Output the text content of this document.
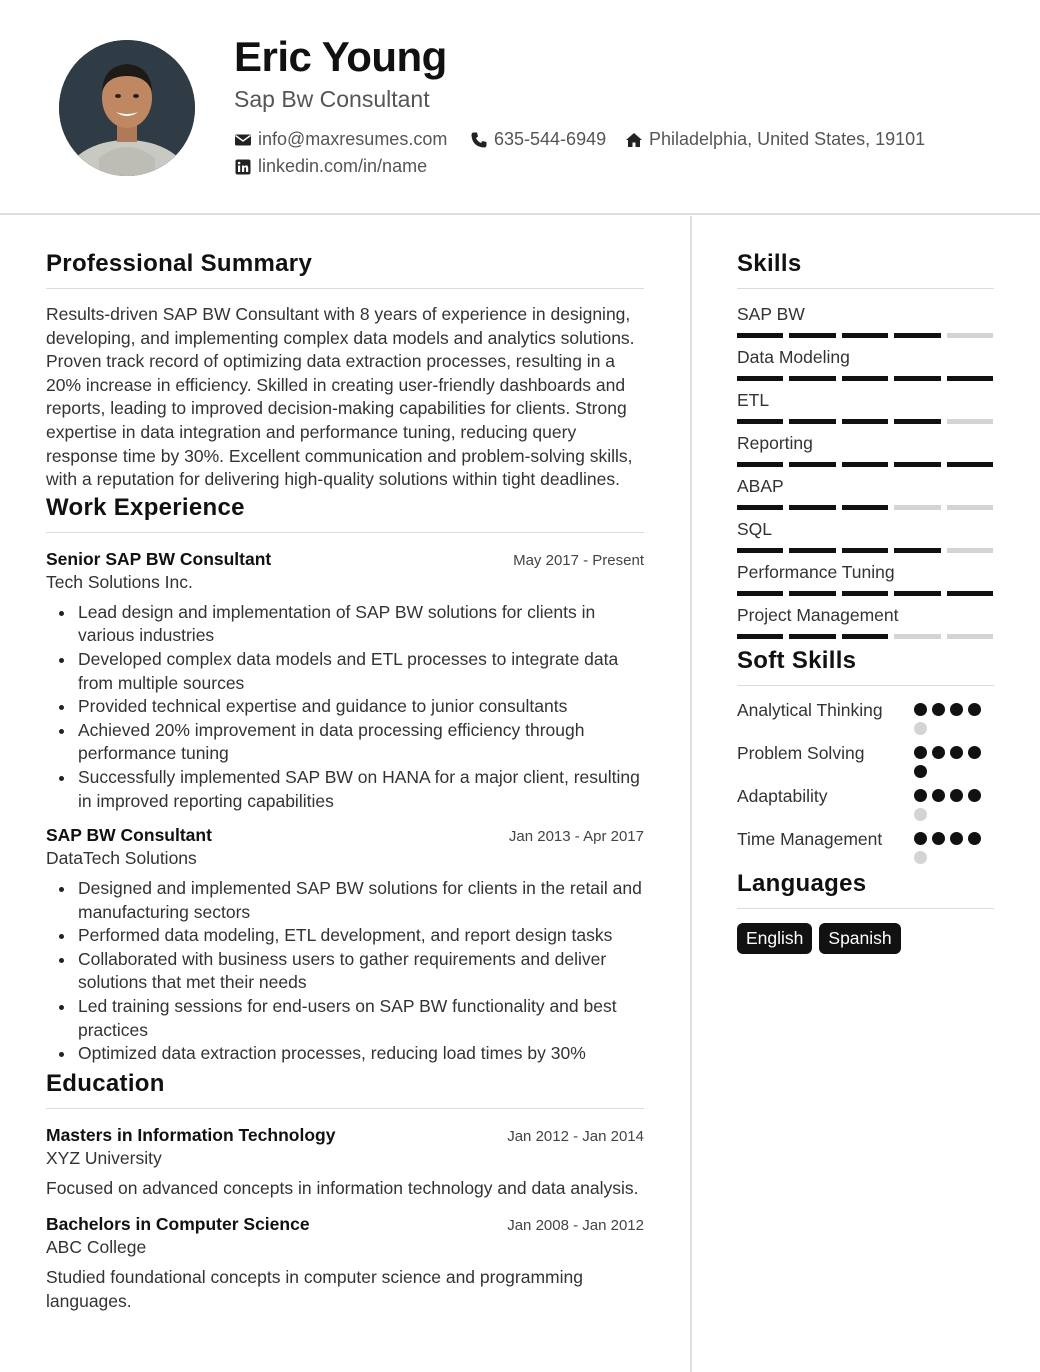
Eric Young
Sap Bw Consultant
info@maxresumes.com	635-544-6949 Philadelphia, United States, 19101
linkedin.com/in/name
Professional Summary

Results-driven SAP BW Consultant with 8 years of experience in designing, developing, and implementing complex data models and analytics solutions. Proven track record of optimizing data extraction processes, resulting in a 20% increase in efficiency. Skilled in creating user-friendly dashboards and reports, leading to improved decision-making capabilities for clients. Strong expertise in data integration and performance tuning, reducing query response time by 30%. Excellent communication and problem-solving skills, with a reputation for delivering high-quality solutions within tight deadlines.

Work Experience
Senior SAP BW Consultant	May 2017 - Present
Tech Solutions Inc.
Lead design and implementation of SAP BW solutions for clients in various industries
Developed complex data models and ETL processes to integrate data from multiple sources
Provided technical expertise and guidance to junior consultants
Achieved 20% improvement in data processing efficiency through performance tuning
Successfully implemented SAP BW on HANA for a major client, resulting in improved reporting capabilities
SAP BW Consultant	Jan 2013 - Apr 2017
DataTech Solutions
Designed and implemented SAP BW solutions for clients in the retail and manufacturing sectors
Performed data modeling, ETL development, and report design tasks
Collaborated with business users to gather requirements and deliver solutions that met their needs
Led training sessions for end-users on SAP BW functionality and best practices
Optimized data extraction processes, reducing load times by 30%
Education
Masters in Information Technology	Jan 2012 - Jan 2014
XYZ University

Focused on advanced concepts in information technology and data analysis.

Bachelors in Computer Science	Jan 2008 - Jan 2012
ABC College

Studied foundational concepts in computer science and programming languages.

Skills
SAP BW
Data Modeling
ETL
Reporting
ABAP
SQL
Performance Tuning
Project Management
Soft Skills
Analytical Thinking
Problem Solving
Adaptability
Time Management
Languages
English	Spanish
